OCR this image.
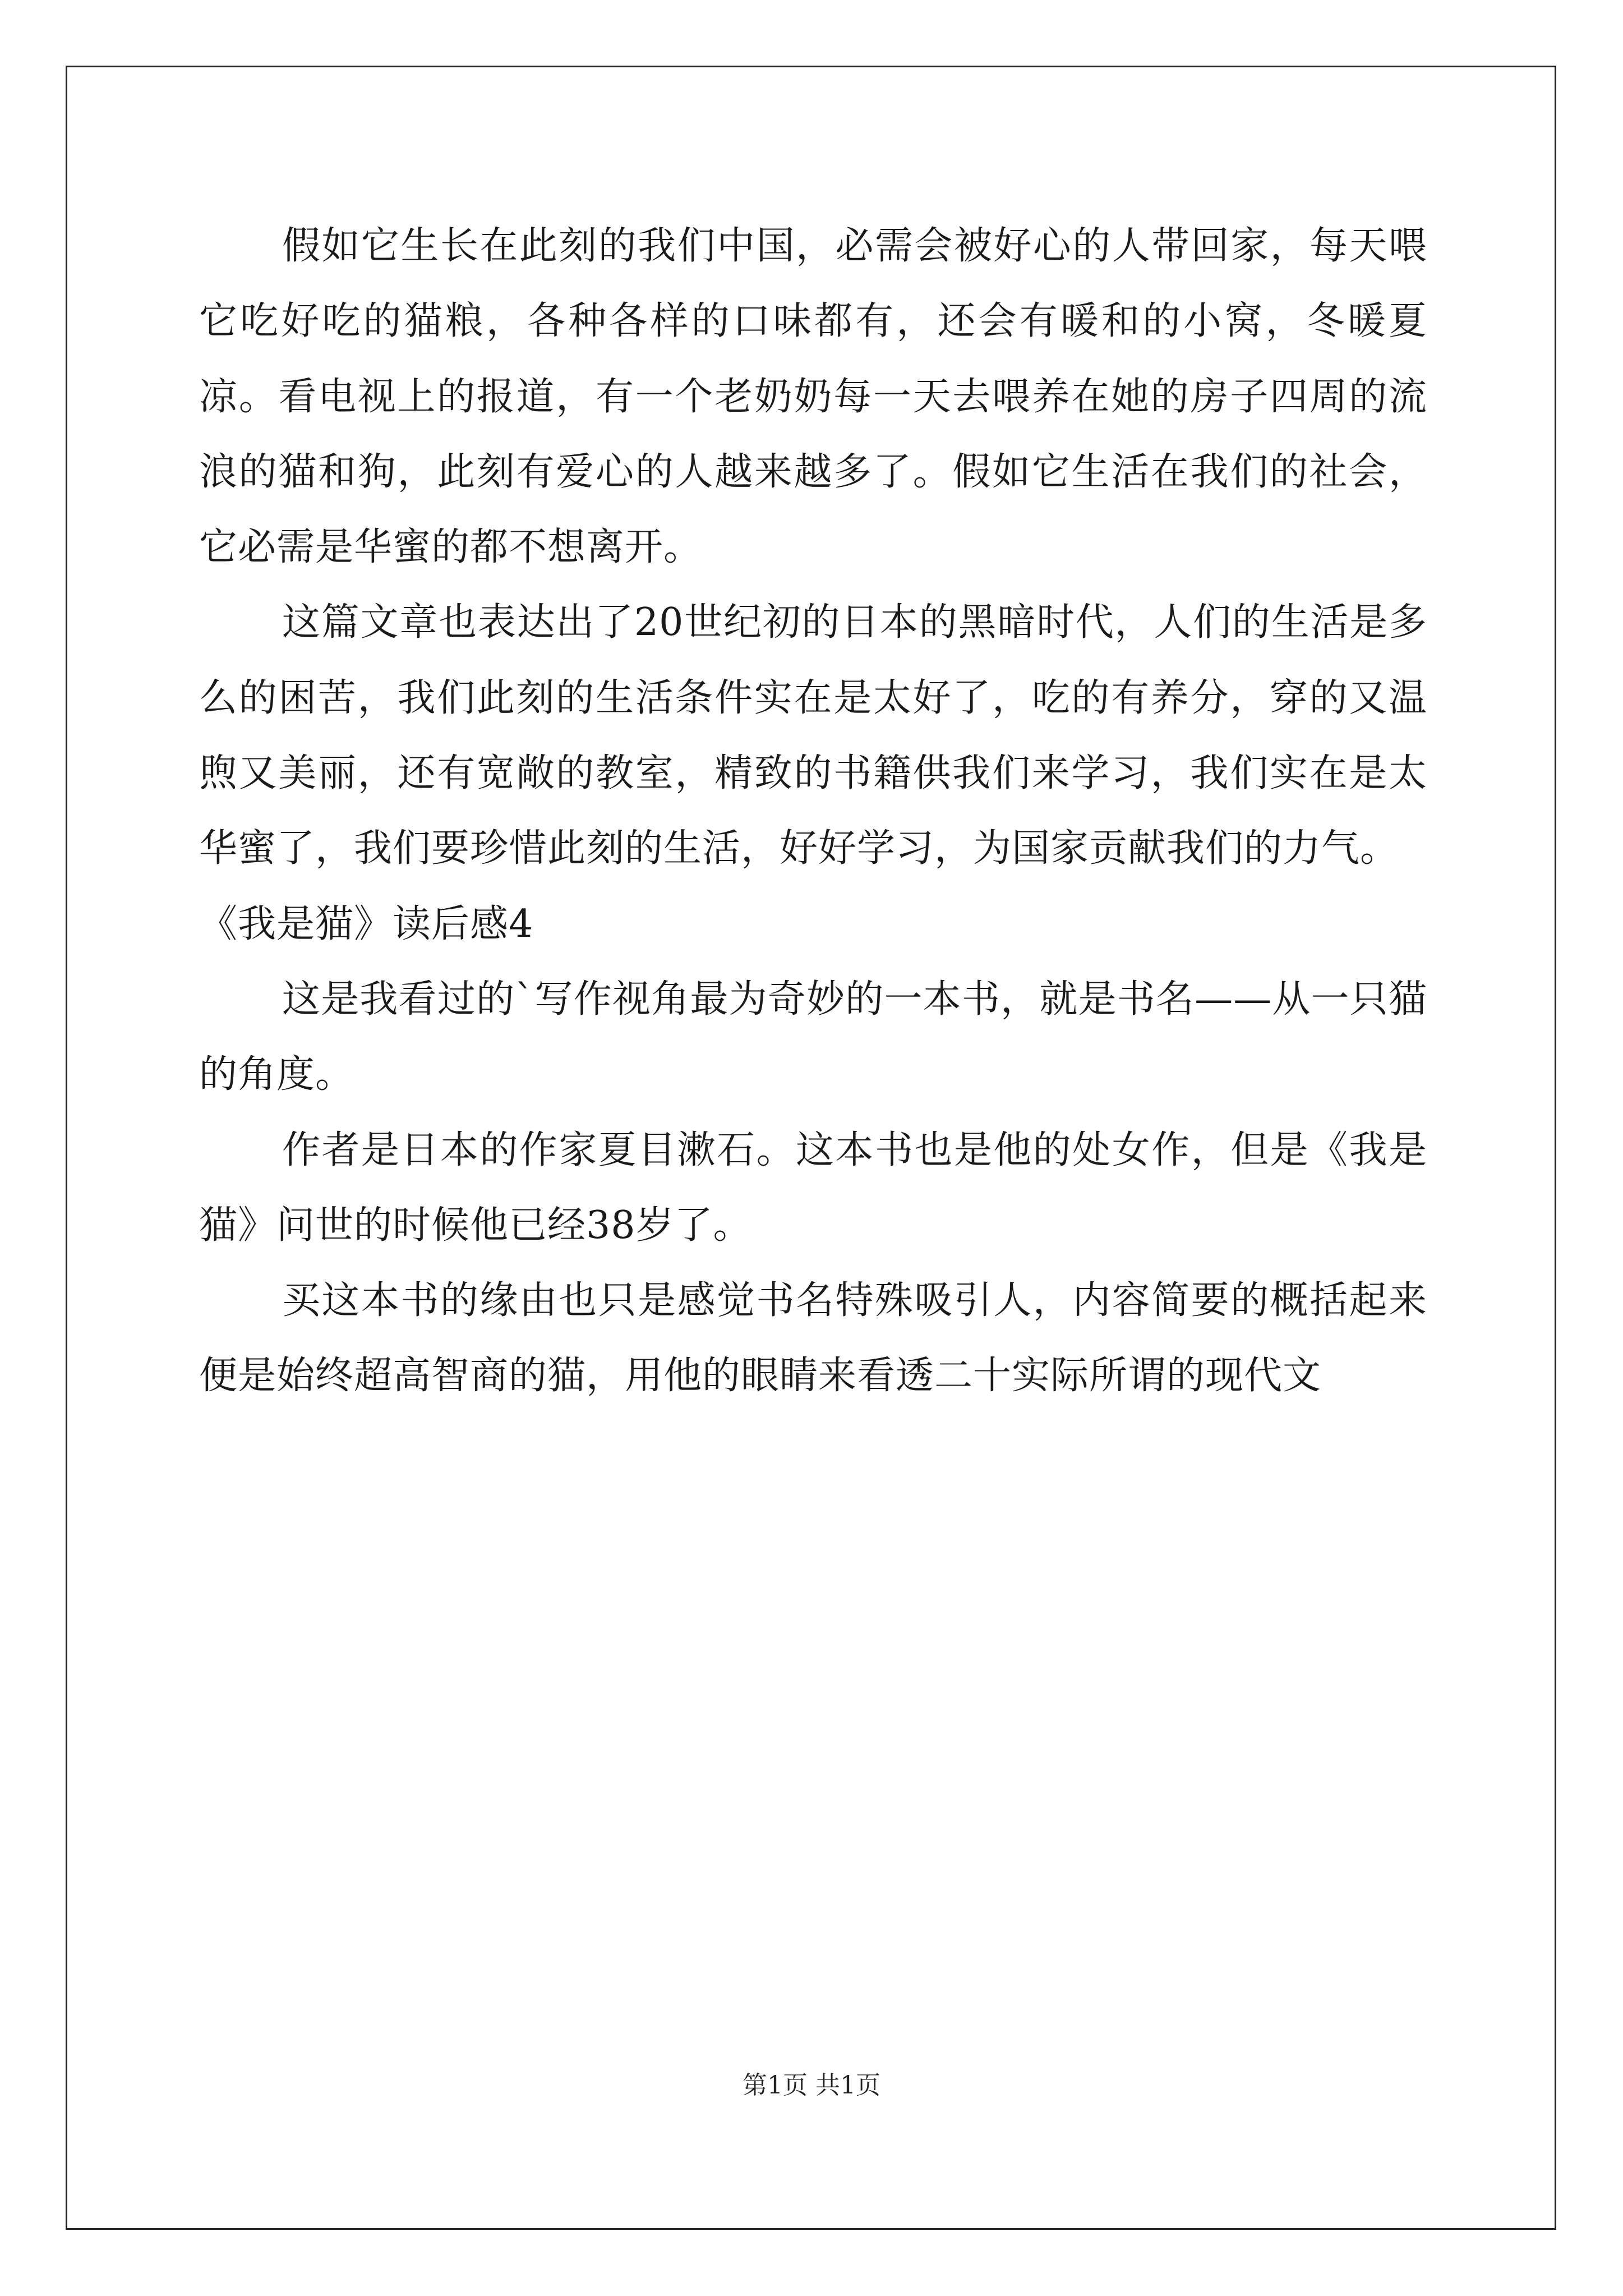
假如它生长在此刻的我们中国，必需会被好心的人带回家，每天喂它吃好吃的猫粮，各种各样的口味都有，还会有暖和的小窝，冬暖夏凉。看电视上的报道，有一个老奶奶每一天去喂养在她的房子四周的流浪的猫和狗，此刻有爱心的人越来越多了。假如它生活在我们的社会，它必需是华蜜的都不想离开。

这篇文章也表达出了20世纪初的日本的黑暗时代，人们的生活是多么的困苦，我们此刻的生活条件实在是太好了，吃的有养分，穿的又温煦又美丽，还有宽敞的教室，精致的书籍供我们来学习，我们实在是太华蜜了，我们要珍惜此刻的生活，好好学习，为国家贡献我们的力气。

《我是猫》读后感4

这是我看过的`写作视角最为奇妙的一本书，就是书名——从一只猫的角度。

作者是日本的作家夏目漱石。这本书也是他的处女作，但是《我是猫》问世的时候他已经38岁了。

买这本书的缘由也只是感觉书名特殊吸引人，内容简要的概括起来便是始终超高智商的猫，用他的眼睛来看透二十实际所谓的现代文

第1页 共1页
